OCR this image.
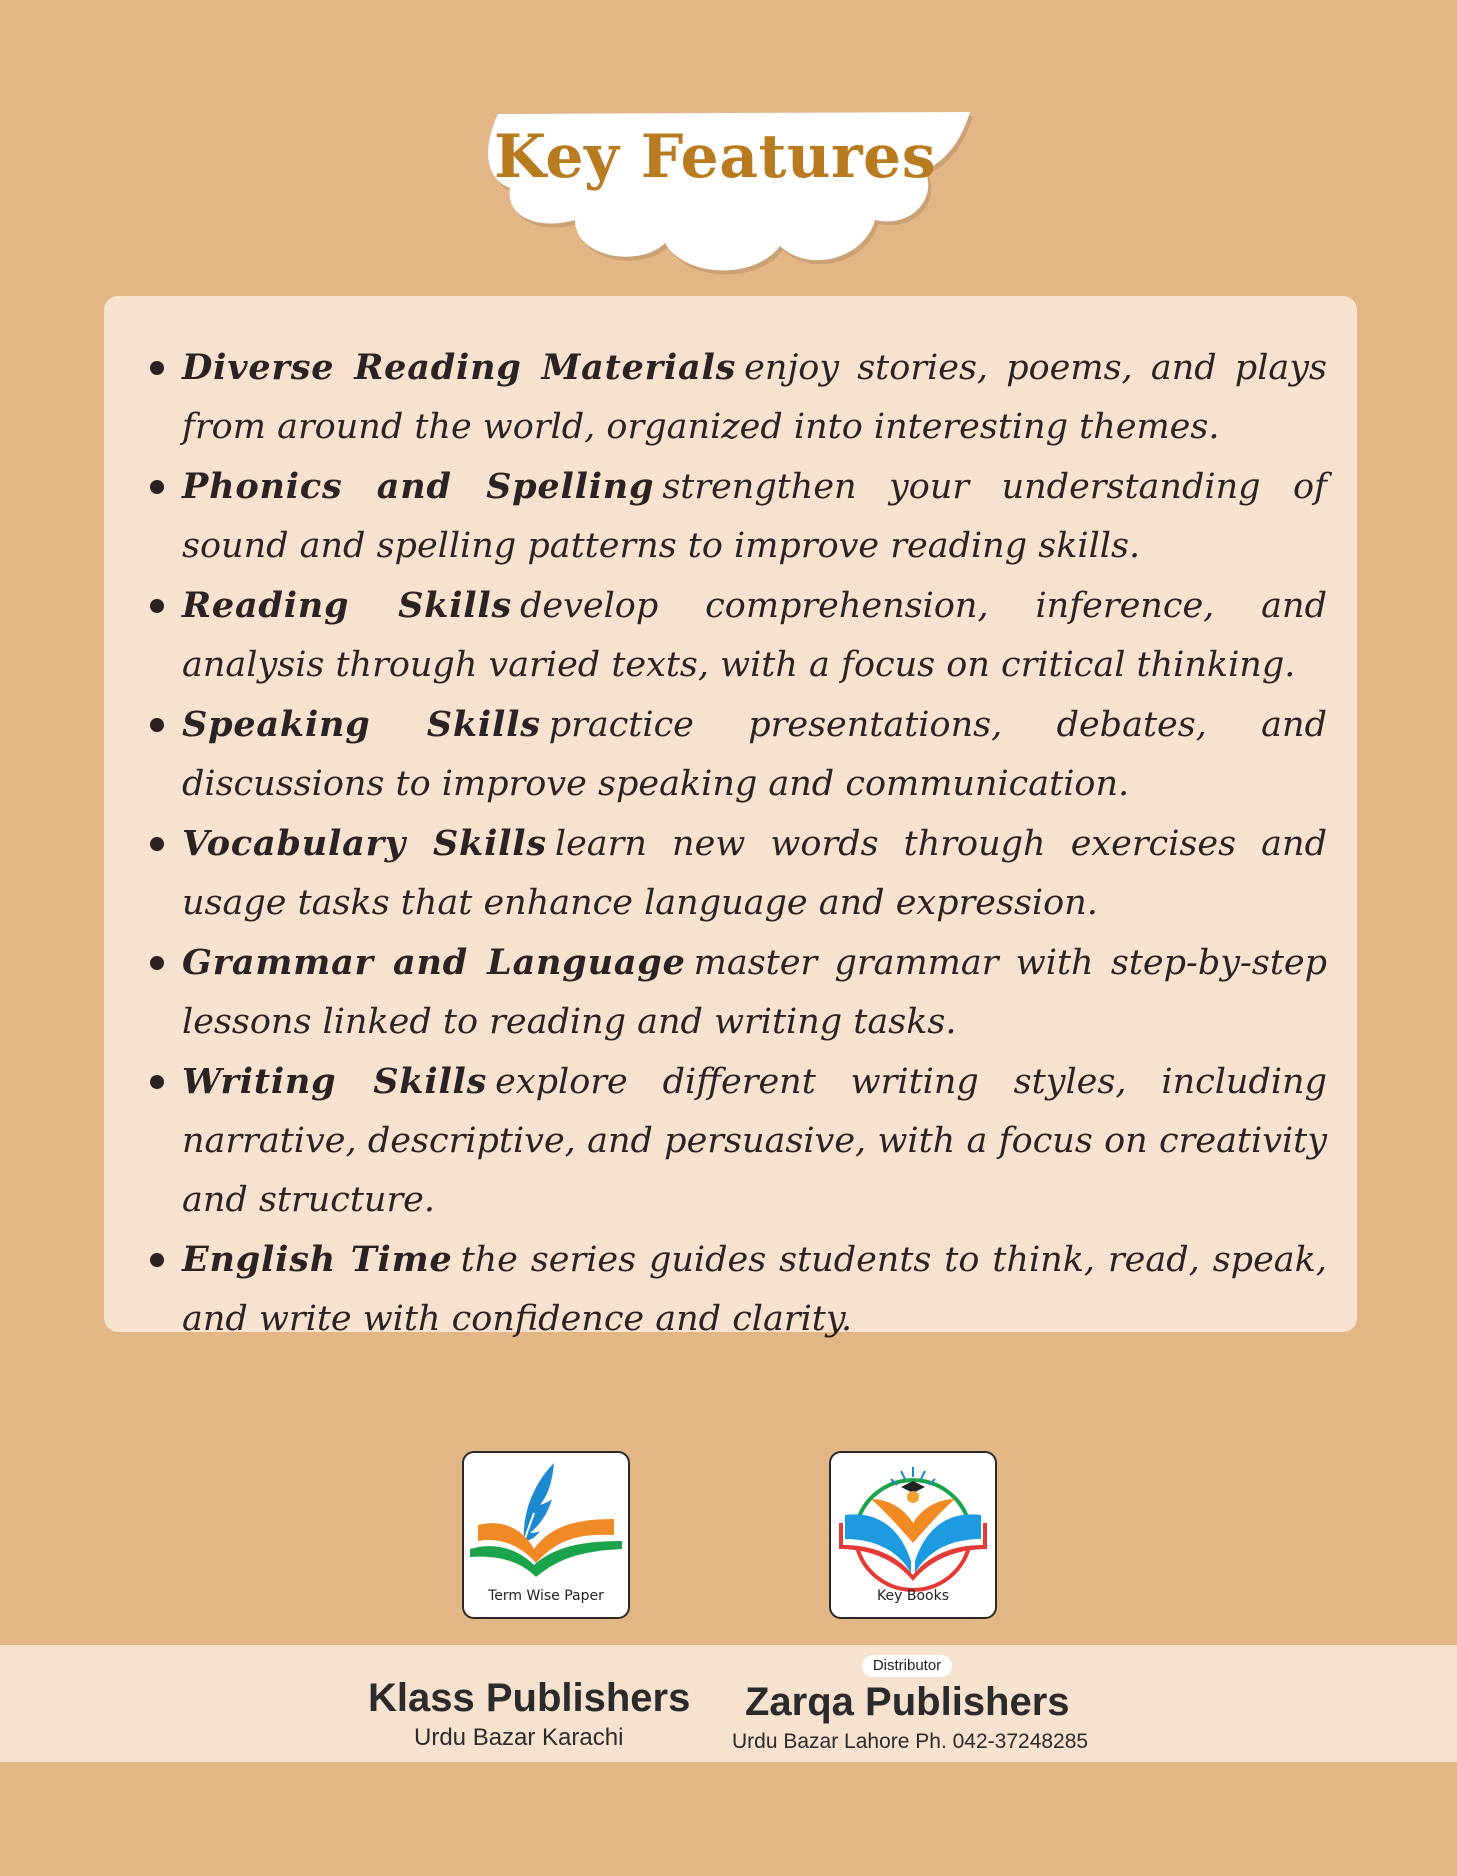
Key Features
Diverse Reading Materials enjoy stories, poems, and plays from around the world, organized into interesting themes.
Phonics and Spelling strengthen your understanding of sound and spelling patterns to improve reading skills.
Reading Skills develop comprehension, inference, and analysis through varied texts, with a focus on critical thinking.
Speaking Skills practice presentations, debates, and discussions to improve speaking and communication.
Vocabulary Skills learn new words through exercises and usage tasks that enhance language and expression.
Grammar and Language master grammar with step-by-step lessons linked to reading and writing tasks.
Writing Skills explore different writing styles, including narrative, descriptive, and persuasive, with a focus on creativity and structure.
English Time the series guides students to think, read, speak, and write with confidence and clarity.
Term Wise Paper	Key Books
Distributor
Klass Publishers
Urdu Bazar Karachi
Zarqa Publishers
Urdu Bazar Lahore Ph. 042-37248285
